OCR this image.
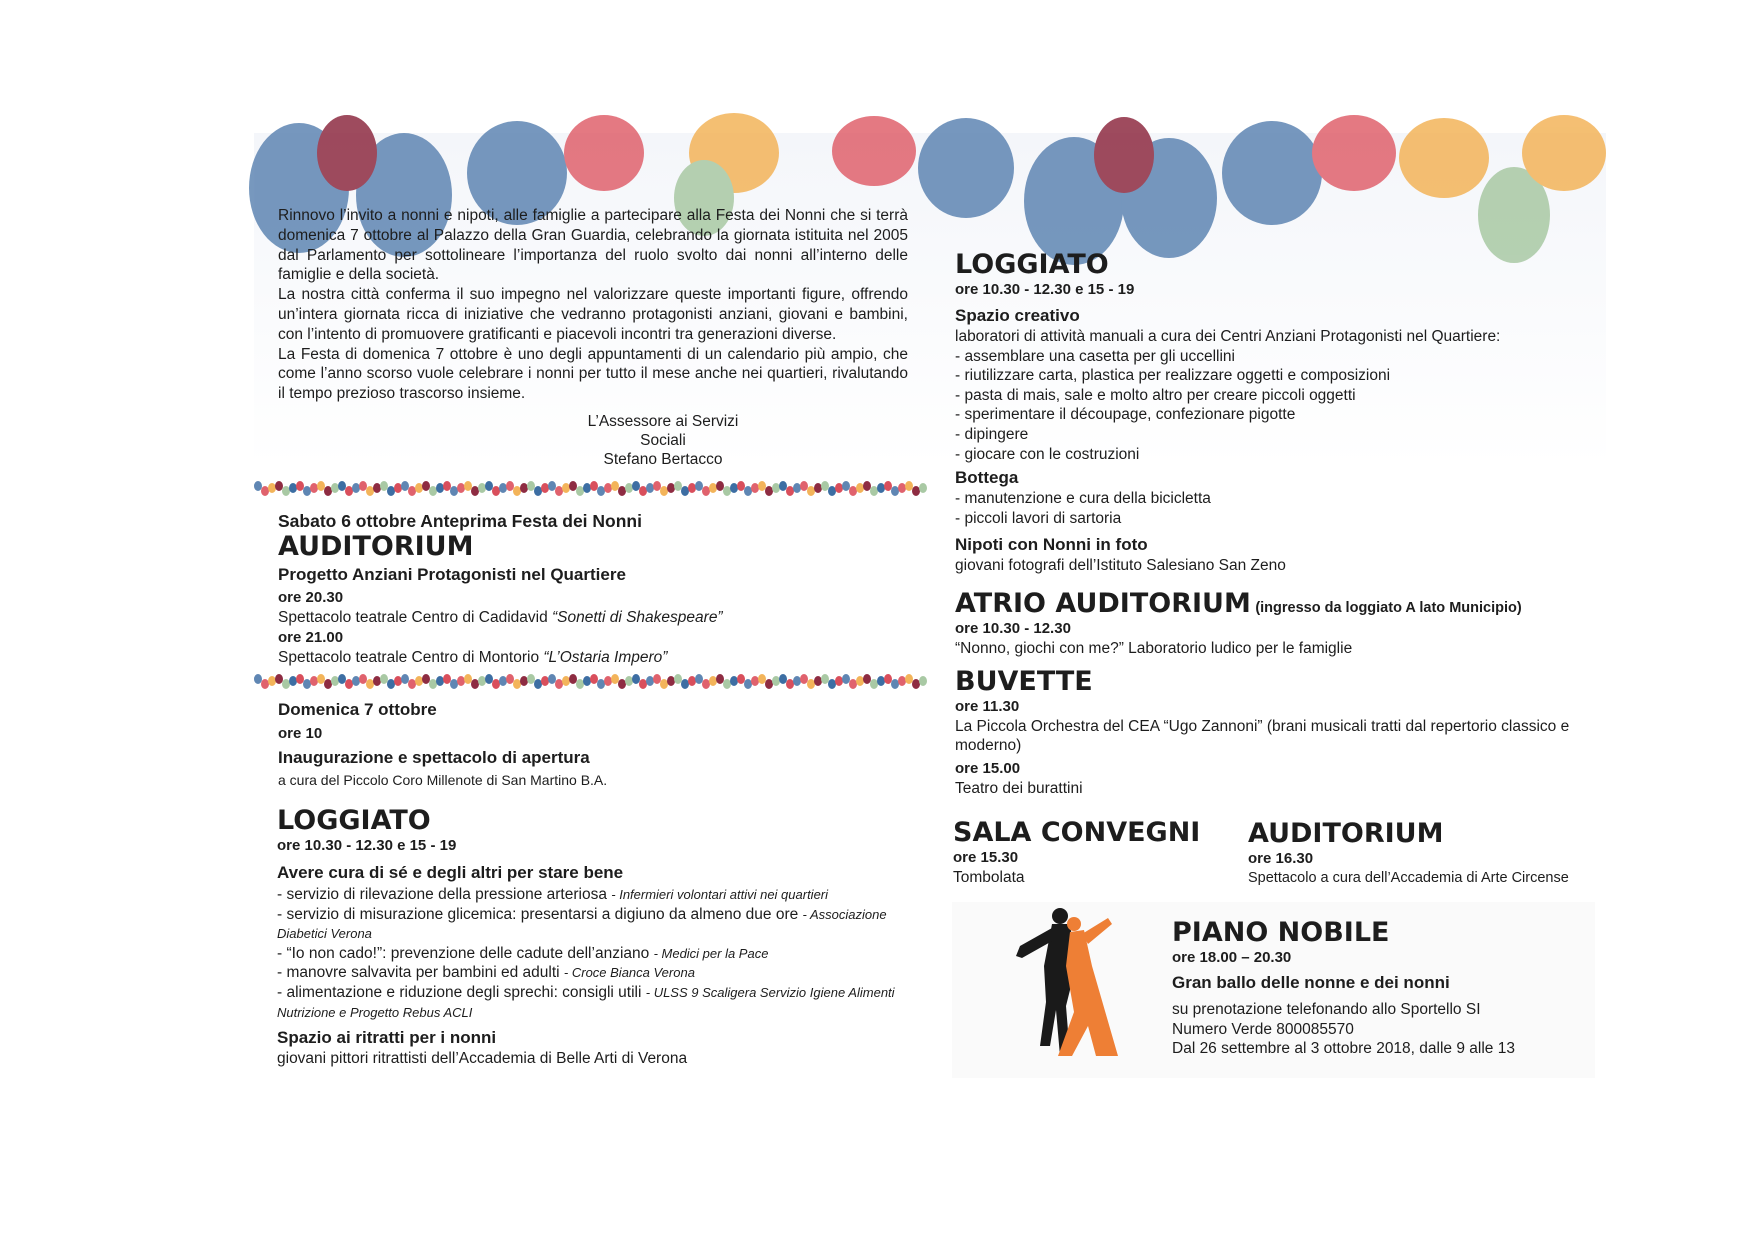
Rinnovo l’invito a nonni e nipoti, alle famiglie a partecipare alla Festa dei Nonni che si terrà domenica 7 ottobre al Palazzo della Gran Guardia, celebrando la giornata istituita nel 2005 dal Parlamento per sottolineare l’importanza del ruolo svolto dai nonni all’interno delle famiglie e della società.

La nostra città conferma il suo impegno nel valorizzare queste importanti figure, offrendo un’intera giornata ricca di iniziative che vedranno protagonisti anziani, giovani e bambini, con l’intento di promuovere gratificanti e piacevoli incontri tra generazioni diverse.

La Festa di domenica 7 ottobre è uno degli appuntamenti di un calendario più ampio, che come l’anno scorso vuole celebrare i nonni per tutto il mese anche nei quartieri, rivalutando il tempo prezioso trascorso insieme.

L’Assessore ai Servizi Sociali
Stefano Bertacco
Sabato 6 ottobre Anteprima Festa dei Nonni
AUDITORIUM
Progetto Anziani Protagonisti nel Quartiere
ore 20.30
Spettacolo teatrale Centro di Cadidavid “Sonetti di Shakespeare”
ore 21.00
Spettacolo teatrale Centro di Montorio “L’Ostaria Impero”
Domenica 7 ottobre
ore 10
Inaugurazione e spettacolo di apertura
a cura del Piccolo Coro Millenote di San Martino B.A.
LOGGIATO
ore 10.30 - 12.30 e 15 - 19
Avere cura di sé e degli altri per stare bene
- servizio di rilevazione della pressione arteriosa - Infermieri volontari attivi nei quartieri
- servizio di misurazione glicemica: presentarsi a digiuno da almeno due ore - Associazione Diabetici Verona
- “Io non cado!”: prevenzione delle cadute dell’anziano - Medici per la Pace
- manovre salvavita per bambini ed adulti - Croce Bianca Verona
- alimentazione e riduzione degli sprechi: consigli utili - ULSS 9 Scaligera Servizio Igiene Alimenti Nutrizione e Progetto Rebus ACLI
Spazio ai ritratti per i nonni
giovani pittori ritrattisti dell’Accademia di Belle Arti di Verona
LOGGIATO
ore 10.30 - 12.30 e 15 - 19
Spazio creativo
laboratori di attività manuali a cura dei Centri Anziani Protagonisti nel Quartiere:
- assemblare una casetta per gli uccellini
- riutilizzare carta, plastica per realizzare oggetti e composizioni
- pasta di mais, sale e molto altro per creare piccoli oggetti
- sperimentare il découpage, confezionare pigotte
- dipingere
- giocare con le costruzioni
Bottega
- manutenzione e cura della bicicletta
- piccoli lavori di sartoria
Nipoti con Nonni in foto
giovani fotografi dell’Istituto Salesiano San Zeno
ATRIO AUDITORIUM (ingresso da loggiato A lato Municipio)
ore 10.30 - 12.30
“Nonno, giochi con me?” Laboratorio ludico per le famiglie
BUVETTE
ore 11.30
La Piccola Orchestra del CEA “Ugo Zannoni” (brani musicali tratti dal repertorio classico e moderno)
ore 15.00
Teatro dei burattini
SALA CONVEGNI
ore 15.30
Tombolata
AUDITORIUM
ore 16.30
Spettacolo a cura dell’Accademia di Arte Circense
PIANO NOBILE
ore 18.00 – 20.30
Gran ballo delle nonne e dei nonni
su prenotazione telefonando allo Sportello SI
Numero Verde 800085570
Dal 26 settembre al 3 ottobre 2018, dalle 9 alle 13
